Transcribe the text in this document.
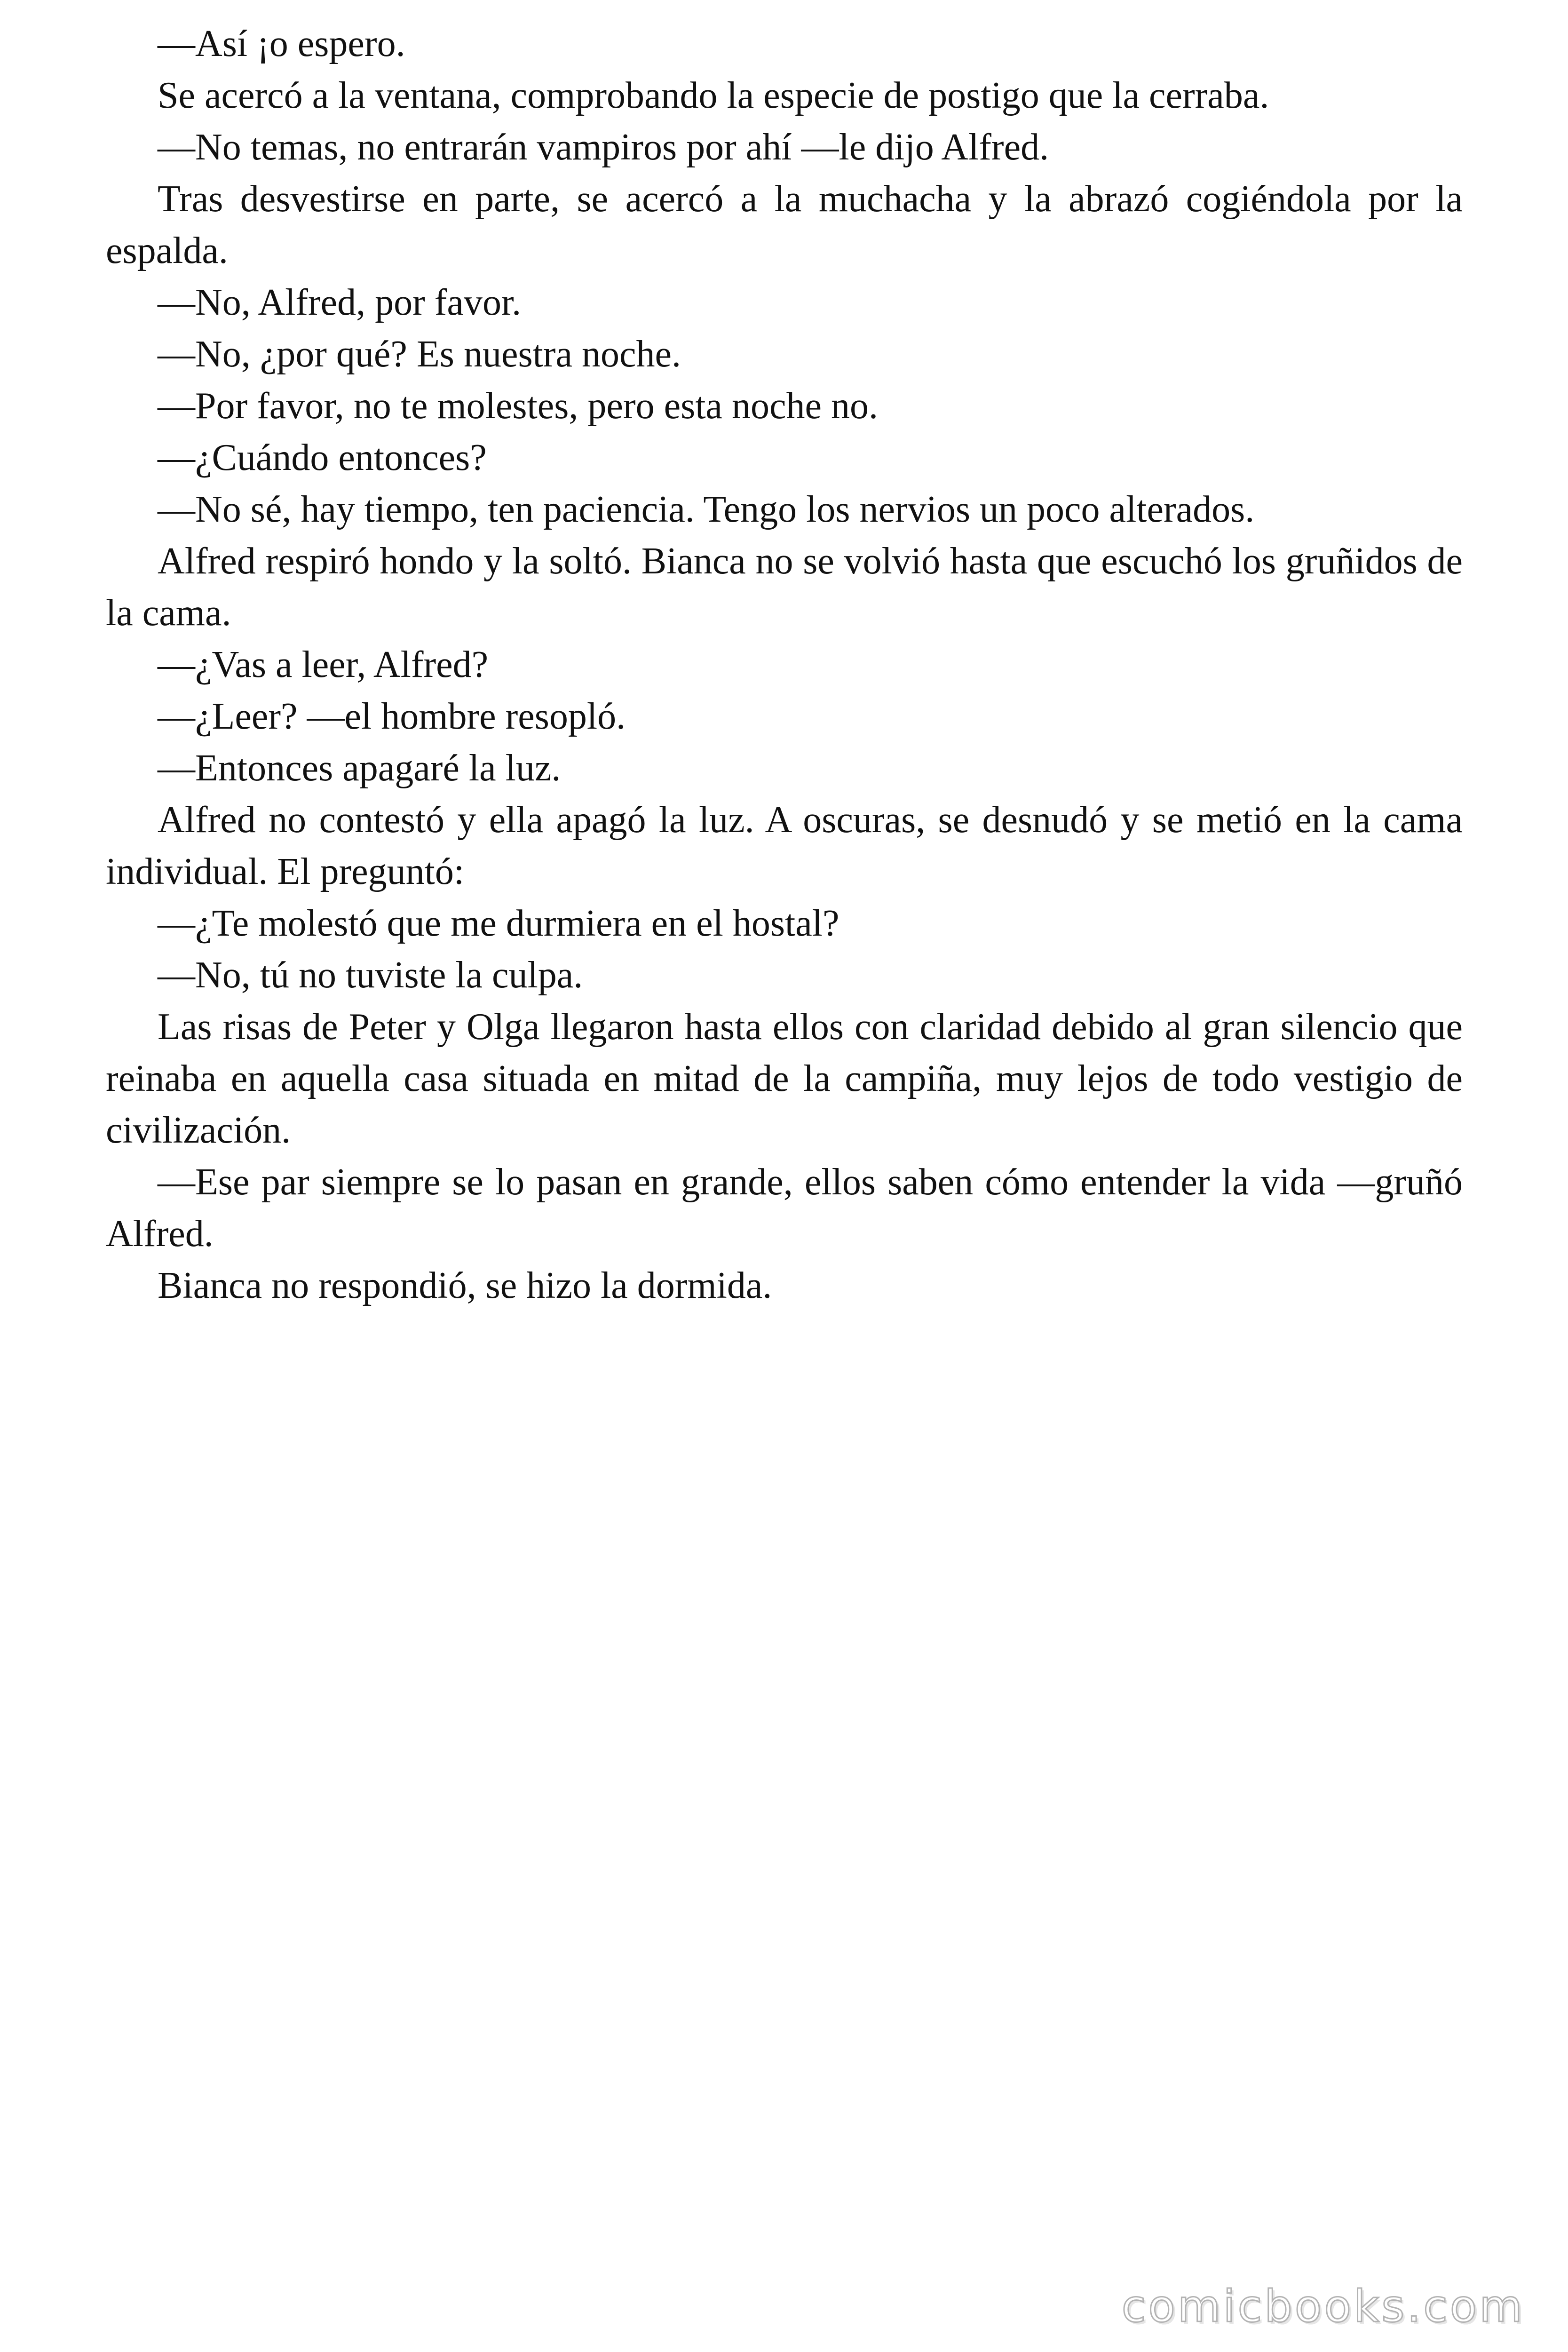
—Así ¡o espero.

Se acercó a la ventana, comprobando la especie de postigo que la cerraba.

—No temas, no entrarán vampiros por ahí —le dijo Alfred.

Tras desvestirse en parte, se acercó a la muchacha y la abrazó cogiéndola por la espalda.

—No, Alfred, por favor.

—No, ¿por qué? Es nuestra noche.

—Por favor, no te molestes, pero esta noche no.

—¿Cuándo entonces?

—No sé, hay tiempo, ten paciencia. Tengo los nervios un poco alterados.

Alfred respiró hondo y la soltó. Bianca no se volvió hasta que escuchó los gruñidos de la cama.

—¿Vas a leer, Alfred?

—¿Leer? —el hombre resopló.

—Entonces apagaré la luz.

Alfred no contestó y ella apagó la luz. A oscuras, se desnudó y se metió en la cama individual. El preguntó:

—¿Te molestó que me durmiera en el hostal?

—No, tú no tuviste la culpa.

Las risas de Peter y Olga llegaron hasta ellos con claridad debido al gran silencio que reinaba en aquella casa situada en mitad de la campiña, muy lejos de todo vestigio de civilización.

—Ese par siempre se lo pasan en grande, ellos saben cómo entender la vida —gruñó Alfred.

Bianca no respondió, se hizo la dormida.

comicbooks.com
